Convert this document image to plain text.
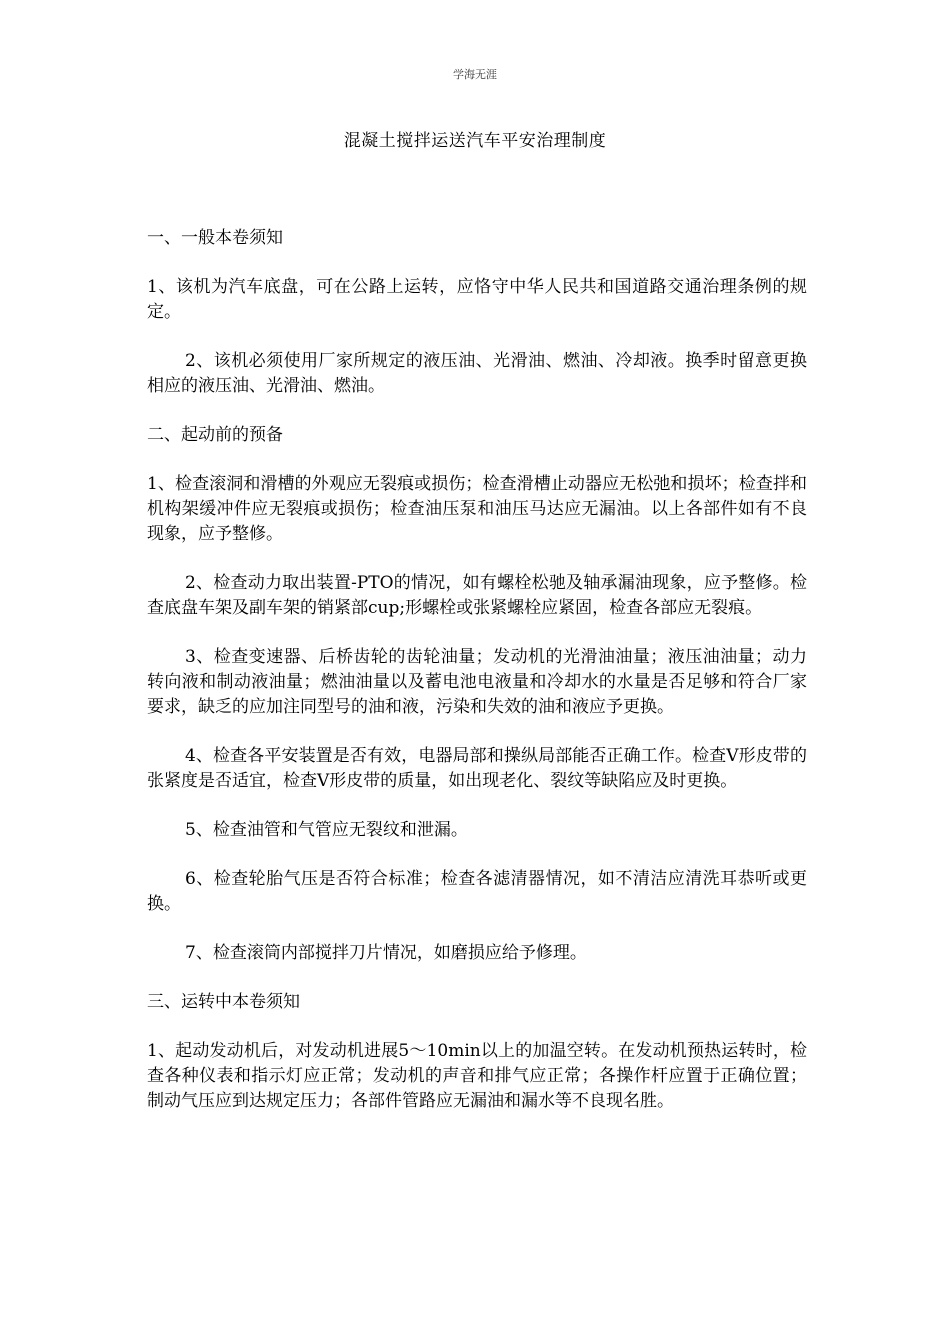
学海无涯
混凝土搅拌运送汽车平安治理制度
一、一般本卷须知
1、该机为汽车底盘，可在公路上运转，应恪守中华人民共和国道路交通治理条例的规定。
2、该机必须使用厂家所规定的液压油、光滑油、燃油、冷却液。换季时留意更换相应的液压油、光滑油、燃油。
二、起动前的预备
1、检查滚洞和滑槽的外观应无裂痕或损伤；检查滑槽止动器应无松弛和损坏；检查拌和机构架缓冲件应无裂痕或损伤；检查油压泵和油压马达应无漏油。以上各部件如有不良现象，应予整修。
2、检查动力取出装置-PTO的情况，如有螺栓松驰及轴承漏油现象，应予整修。检查底盘车架及副车架的销紧部cup;形螺栓或张紧螺栓应紧固，检查各部应无裂痕。
3、检查变速器、后桥齿轮的齿轮油量；发动机的光滑油油量；液压油油量；动力转向液和制动液油量；燃油油量以及蓄电池电液量和冷却水的水量是否足够和符合厂家要求，缺乏的应加注同型号的油和液，污染和失效的油和液应予更换。
4、检查各平安装置是否有效，电器局部和操纵局部能否正确工作。检查V形皮带的张紧度是否适宜，检查V形皮带的质量，如出现老化、裂纹等缺陷应及时更换。
5、检查油管和气管应无裂纹和泄漏。
6、检查轮胎气压是否符合标准；检查各滤清器情况，如不清洁应清洗耳恭听或更换。
7、检查滚筒内部搅拌刀片情况，如磨损应给予修理。
三、运转中本卷须知
1、起动发动机后，对发动机进展5～10min以上的加温空转。在发动机预热运转时，检查各种仪表和指示灯应正常；发动机的声音和排气应正常；各操作杆应置于正确位置；制动气压应到达规定压力；各部件管路应无漏油和漏水等不良现名胜。
